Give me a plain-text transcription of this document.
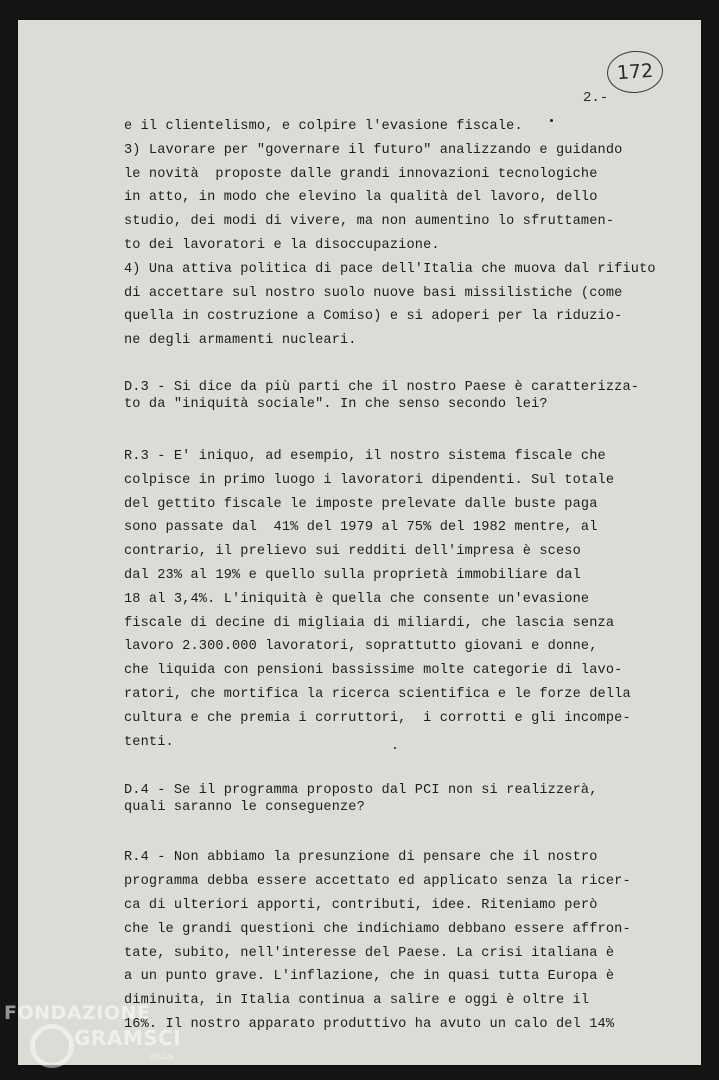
172
2.-
e il clientelismo, e colpire l'evasione fiscale.
3) Lavorare per "governare il futuro" analizzando e guidando
le novità  proposte dalle grandi innovazioni tecnologiche
in atto, in modo che elevino la qualità del lavoro, dello
studio, dei modi di vivere, ma non aumentino lo sfruttamen-
to dei lavoratori e la disoccupazione.
4) Una attiva politica di pace dell'Italia che muova dal rifiuto
di accettare sul nostro suolo nuove basi missilistiche (come
quella in costruzione a Comiso) e si adoperi per la riduzio-
ne degli armamenti nucleari.
D.3 - Si dice da più parti che il nostro Paese è caratterizza-
to da "iniquità sociale". In che senso secondo lei?
R.3 - E' iniquo, ad esempio, il nostro sistema fiscale che
colpisce in primo luogo i lavoratori dipendenti. Sul totale
del gettito fiscale le imposte prelevate dalle buste paga
sono passate dal  41% del 1979 al 75% del 1982 mentre, al
contrario, il prelievo sui redditi dell'impresa è sceso
dal 23% al 19% e quello sulla proprietà immobiliare dal
18 al 3,4%. L'iniquità è quella che consente un'evasione
fiscale di decine di migliaia di miliardi, che lascia senza
lavoro 2.300.000 lavoratori, soprattutto giovani e donne,
che liquida con pensioni bassissime molte categorie di lavo-
ratori, che mortifica la ricerca scientifica e le forze della
cultura e che premia i corruttori,  i corrotti e gli incompe-
tenti.
D.4 - Se il programma proposto dal PCI non si realizzerà,
quali saranno le conseguenze?
R.4 - Non abbiamo la presunzione di pensare che il nostro
programma debba essere accettato ed applicato senza la ricer-
ca di ulteriori apporti, contributi, idee. Riteniamo però
che le grandi questioni che indichiamo debbano essere affron-
tate, subito, nell'interesse del Paese. La crisi italiana è
a un punto grave. L'inflazione, che in quasi tutta Europa è
diminuita, in Italia continua a salire e oggi è oltre il
16%. Il nostro apparato produttivo ha avuto un calo del 14%
FONDAZIONE
GRAMSCI
onlus
